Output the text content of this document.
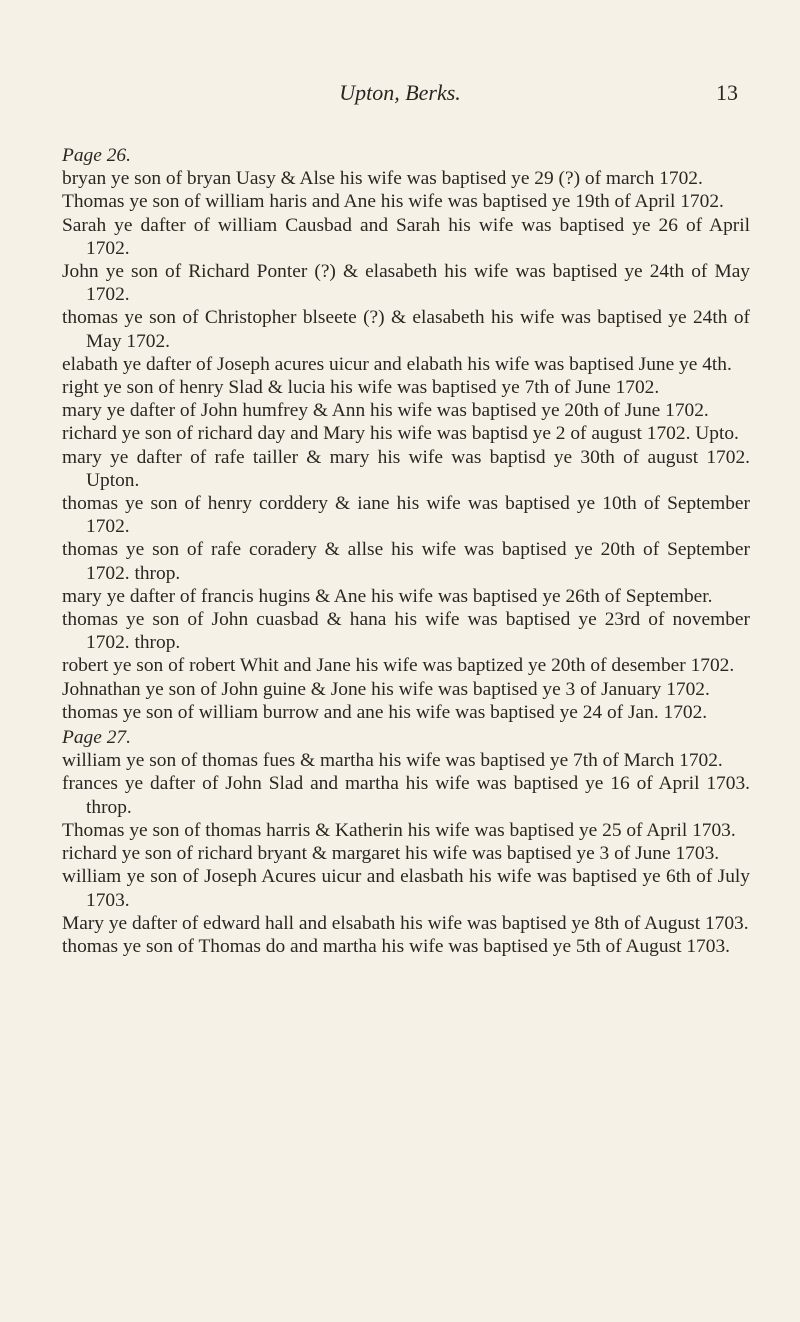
Upton, Berks.	13

Page 26.

bryan ye son of bryan Uasy & Alse his wife was baptised ye 29 (?) of march 1702.

Thomas ye son of william haris and Ane his wife was baptised ye 19th of April 1702.

Sarah ye dafter of william Causbad and Sarah his wife was baptised ye 26 of April 1702.

John ye son of Richard Ponter (?) & elasabeth his wife was baptised ye 24th of May 1702.

thomas ye son of Christopher blseete (?) & elasabeth his wife was baptised ye 24th of May 1702.

elabath ye dafter of Joseph acures uicur and elabath his wife was baptised June ye 4th.

right ye son of henry Slad & lucia his wife was baptised ye 7th of June 1702.

mary ye dafter of John humfrey & Ann his wife was baptised ye 20th of June 1702.

richard ye son of richard day and Mary his wife was baptisd ye 2 of august 1702. Upto.

mary ye dafter of rafe tailler & mary his wife was baptisd ye 30th of august 1702. Upton.

thomas ye son of henry corddery & iane his wife was baptised ye 10th of September 1702.

thomas ye son of rafe coradery & allse his wife was baptised ye 20th of September 1702. throp.

mary ye dafter of francis hugins & Ane his wife was baptised ye 26th of September.

thomas ye son of John cuasbad & hana his wife was baptised ye 23rd of november 1702. throp.

robert ye son of robert Whit and Jane his wife was baptized ye 20th of desember 1702.

Johnathan ye son of John guine & Jone his wife was baptised ye 3 of January 1702.

thomas ye son of william burrow and ane his wife was baptised ye 24 of Jan. 1702.

Page 27.

william ye son of thomas fues & martha his wife was baptised ye 7th of March 1702.

frances ye dafter of John Slad and martha his wife was baptised ye 16 of April 1703. throp.

Thomas ye son of thomas harris & Katherin his wife was baptised ye 25 of April 1703.

richard ye son of richard bryant & margaret his wife was baptised ye 3 of June 1703.

william ye son of Joseph Acures uicur and elasbath his wife was baptised ye 6th of July 1703.

Mary ye dafter of edward hall and elsabath his wife was baptised ye 8th of August 1703.

thomas ye son of Thomas do and martha his wife was baptised ye 5th of August 1703.
